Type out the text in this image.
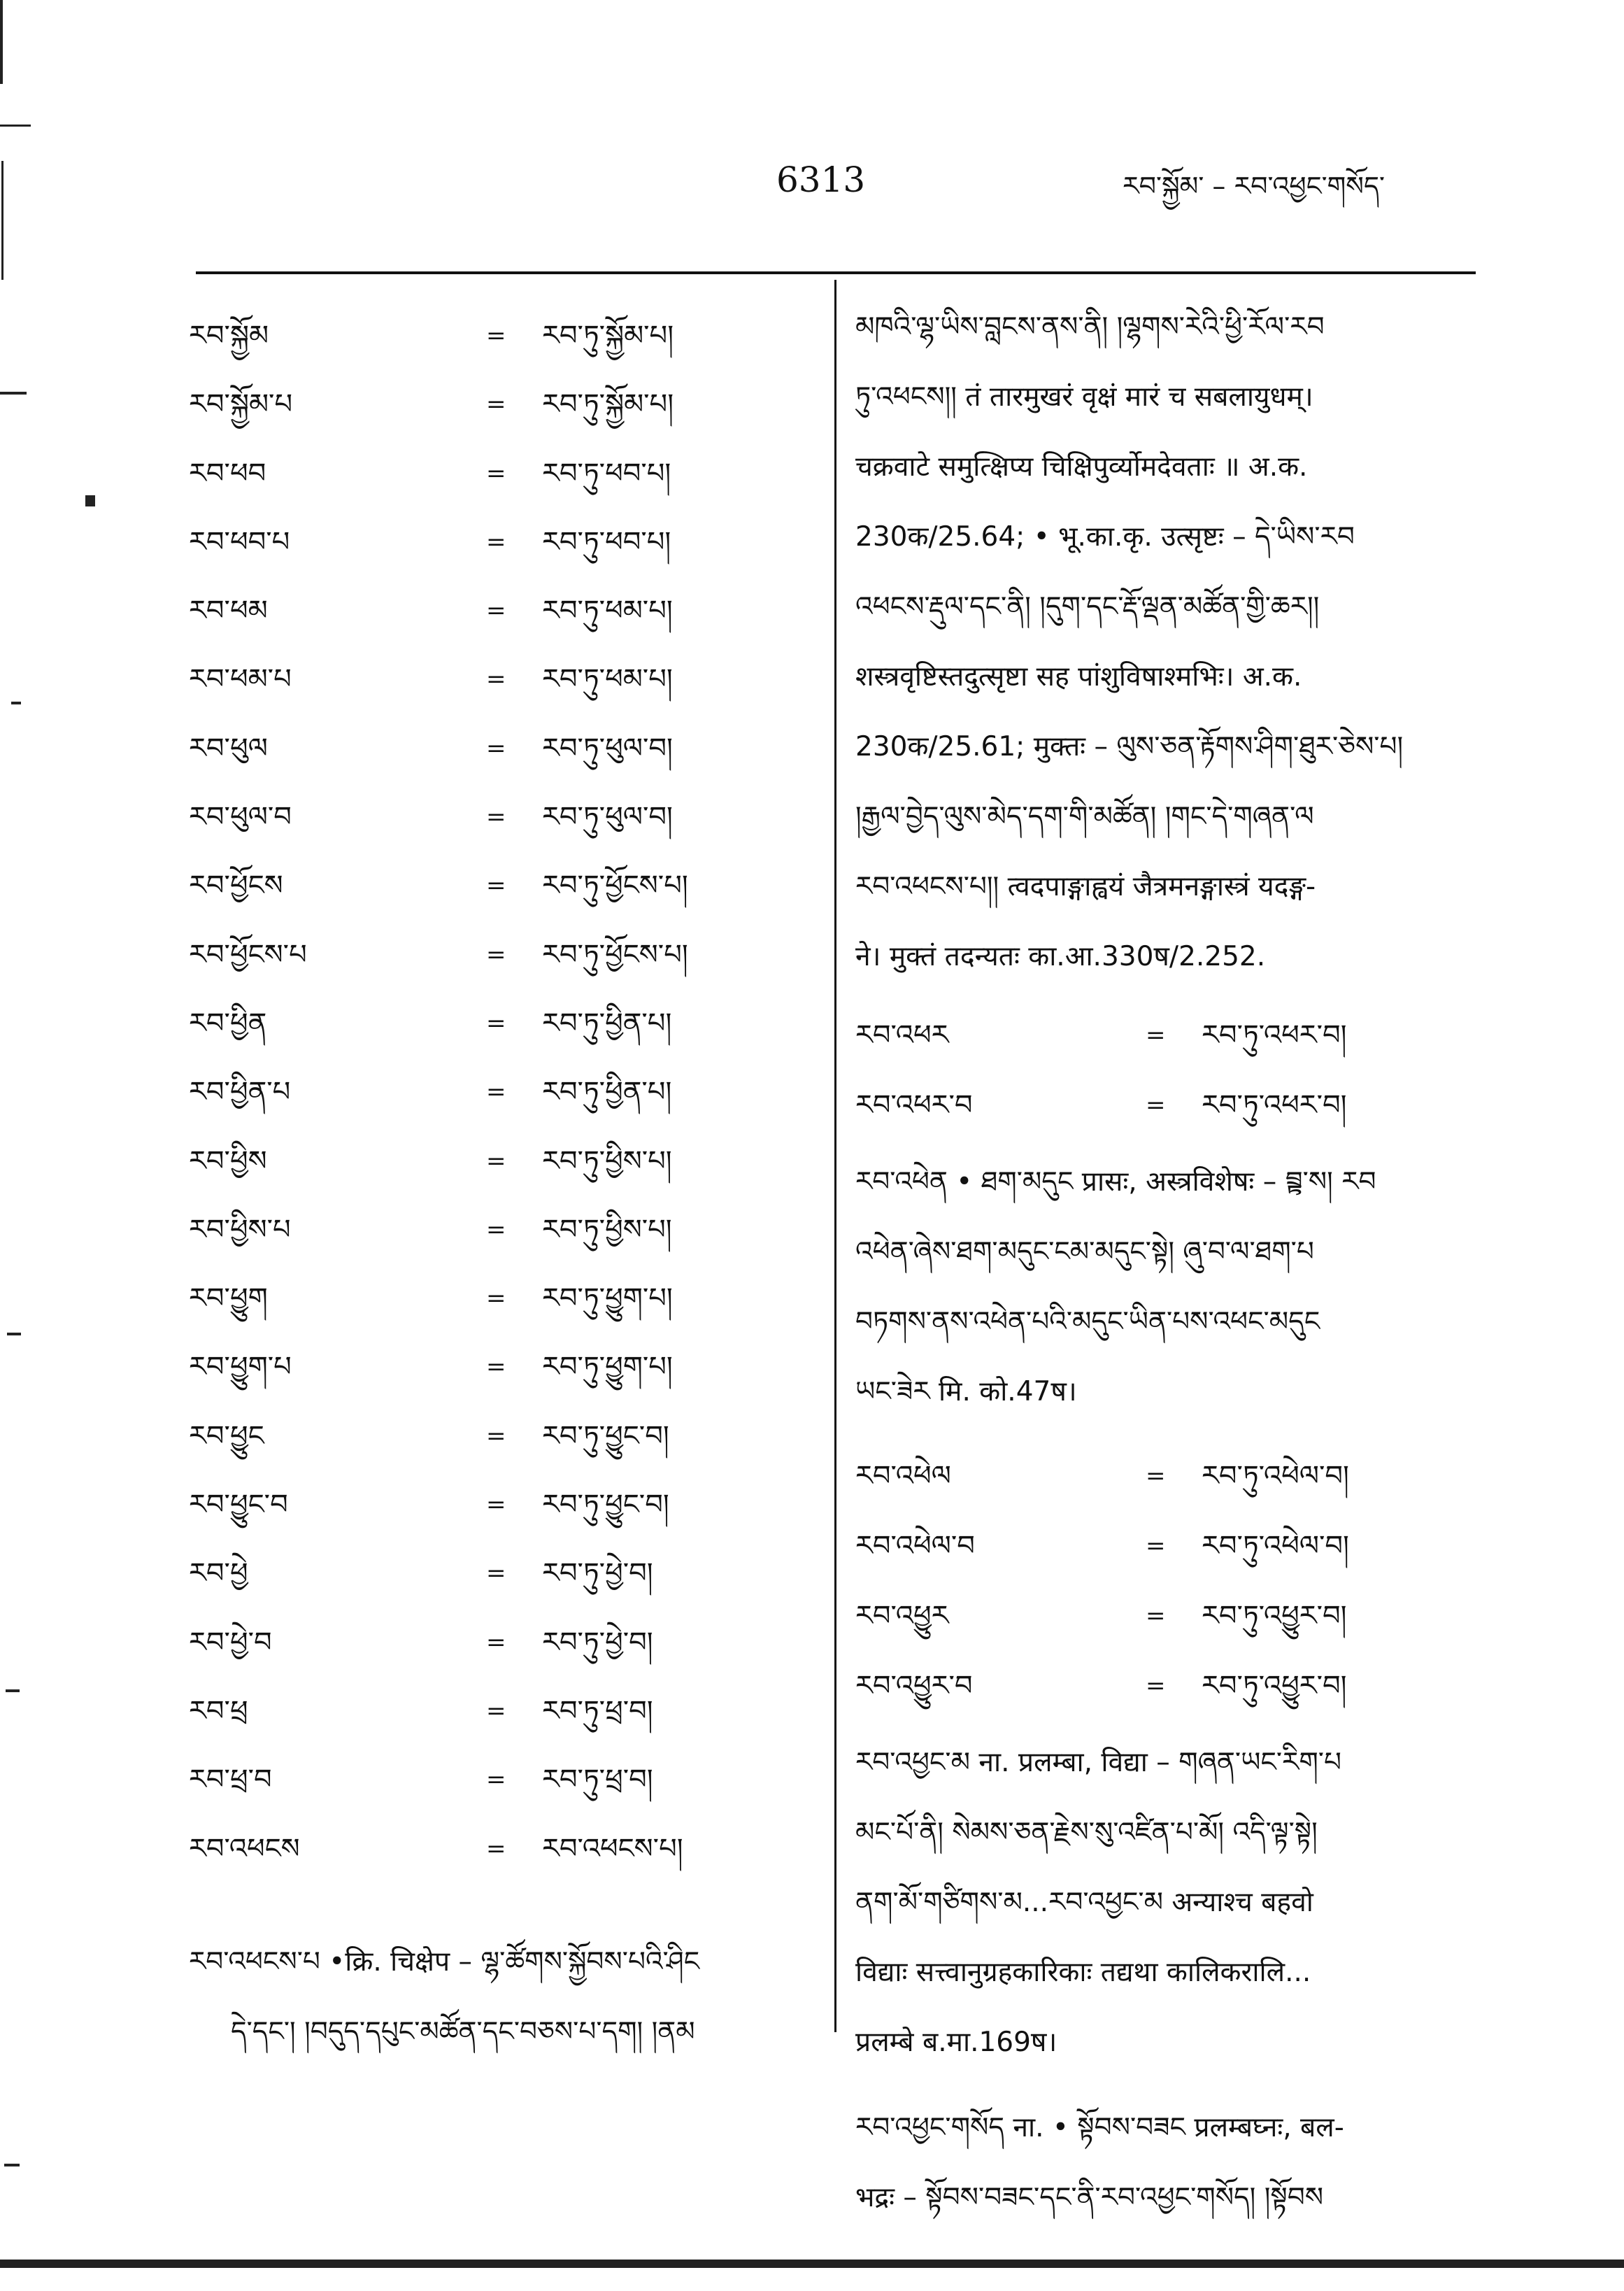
6313	རབ་སྐྱོམ་ – རབ་འཕྱང་གསོད་
རབ་སྐྱོམ	= རབ་ཏུ་སྐྱོམ་པ།
རབ་སྐྱོམ་པ	= རབ་ཏུ་སྐྱོམ་པ།
རབ་ཕབ	= རབ་ཏུ་ཕབ་པ།
རབ་ཕབ་པ	= རབ་ཏུ་ཕབ་པ།
རབ་ཕམ	= རབ་ཏུ་ཕམ་པ།
རབ་ཕམ་པ	= རབ་ཏུ་ཕམ་པ།
རབ་ཕུལ	= རབ་ཏུ་ཕུལ་བ།
རབ་ཕུལ་བ	= རབ་ཏུ་ཕུལ་བ།
རབ་ཕྱོངས	= རབ་ཏུ་ཕྱོངས་པ།
རབ་ཕྱོངས་པ	= རབ་ཏུ་ཕྱོངས་པ།
རབ་ཕྱིན	= རབ་ཏུ་ཕྱིན་པ།
རབ་ཕྱིན་པ	= རབ་ཏུ་ཕྱིན་པ།
རབ་ཕྱིས	= རབ་ཏུ་ཕྱིས་པ།
རབ་ཕྱིས་པ	= རབ་ཏུ་ཕྱིས་པ།
རབ་ཕྱུག	= རབ་ཏུ་ཕྱུག་པ།
རབ་ཕྱུག་པ	= རབ་ཏུ་ཕྱུག་པ།
རབ་ཕྱུང	= རབ་ཏུ་ཕྱུང་བ།
རབ་ཕྱུང་བ	= རབ་ཏུ་ཕྱུང་བ།
རབ་ཕྱེ	= རབ་ཏུ་ཕྱེ་བ།
རབ་ཕྱེ་བ	= རབ་ཏུ་ཕྱེ་བ།
རབ་ཕྲ	= རབ་ཏུ་ཕྲ་བ།
རབ་ཕྲ་བ	= རབ་ཏུ་ཕྲ་བ།
རབ་འཕངས	= རབ་འཕངས་པ།
རབ་འཕངས་པ •क्रि. चिक्षेप – ལྷ་ཚོགས་སྐྱོབས་པའི་ཤིང
དེ་དང་། །བདུད་དཔུང་མཚོན་དང་བཅས་པ་དག། །ནམ
མཁའི་ལྷ་ཡིས་བླངས་ནས་ནི། །ལྷགས་རེའི་ཕྱི་རོལ་རབ
ཏུ་འཕངས།། तं तारमुखरं वृक्षं मारं च सबलायुधम्।
चक्रवाटे समुत्क्षिप्य चिक्षिपुर्व्योमदेवताः ॥ अ.क.
230क/25.64; • भू.का.कृ. उत्सृष्टः – དེ་ཡིས་རབ
འཕངས་རྡུལ་དང་ནི། །དུག་དང་རྡོ་ལྡན་མཚོན་གྱི་ཆར།།
शस्त्रवृष्टिस्तदुत्सृष्टा सह पांशुविषाश्मभिः। अ.क.
230क/25.61; मुक्तः – ལུས་ཅན་རྟོགས་ཤིག་ཐུར་ཅེས་པ།
།རྒྱལ་བྱེད་ལུས་མེད་དག་གི་མཚོན། །གང་དེ་གཞན་ལ
རབ་འཕངས་པ།། त्वदपाङ्गाह्वयं जैत्रमनङ्गास्त्रं यदङ्ग-
ने। मुक्तं तदन्यतः का.आ.330ष/2.252.
རབ་འཕར	= རབ་ཏུ་འཕར་བ།
རབ་འཕར་བ	= རབ་ཏུ་འཕར་བ།
རབ་འཕེན • ཐག་མདུང प्रासः, अस्त्रविशेषः – བྲྟ་ས། རབ
འཕེན་ཞེས་ཐག་མདུང་ངམ་མདུང་སྟེ། ཞུ་བ་ལ་ཐག་པ
བཏགས་ནས་འཕེན་པའི་མདུང་ཡིན་པས་འཕང་མདུང
ཡང་ཟེར मि. को.47ष।
རབ་འཕེལ	= རབ་ཏུ་འཕེལ་བ།
རབ་འཕེལ་བ	= རབ་ཏུ་འཕེལ་བ།
རབ་འཕྱུར	= རབ་ཏུ་འཕྱུར་བ།
རབ་འཕྱུར་བ	= རབ་ཏུ་འཕྱུར་བ།
རབ་འཕྱང་མ ना. प्रलम्बा, विद्या – གཞན་ཡང་རིག་པ
མང་པོ་ནི། སེམས་ཅན་རྗེས་སུ་འཛིན་པ་མོ། འདི་ལྟ་སྟེ།
ནག་མོ་གཙིགས་མ...རབ་འཕྱང་མ अन्याश्च बहवो
विद्याः सत्त्वानुग्रहकारिकाः तद्यथा कालिकरालि...
प्रलम्बे ब.मा.169ष।
རབ་འཕྱང་གསོད ना. • སྟོབས་བཟང प्रलम्बघ्नः, बल-
भद्रः – སྟོབས་བཟང་དང་ནི་རབ་འཕྱང་གསོད། །སྟོབས
